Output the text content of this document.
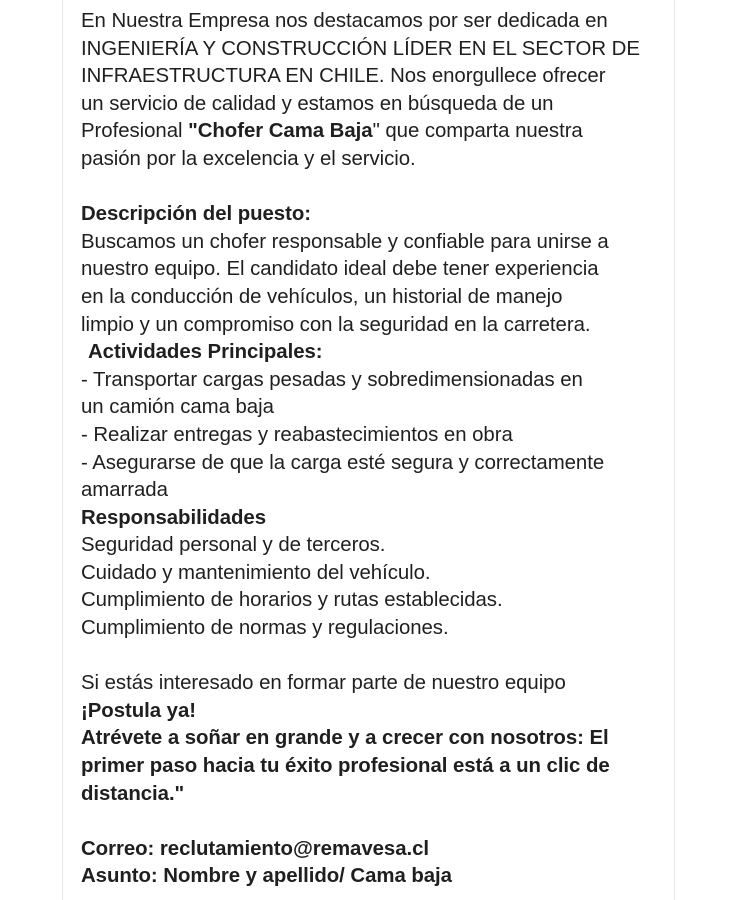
En Nuestra Empresa nos destacamos por ser dedicada en
INGENIERÍA Y CONSTRUCCIÓN LÍDER EN EL SECTOR DE
INFRAESTRUCTURA EN CHILE. Nos enorgullece ofrecer
un servicio de calidad y estamos en búsqueda de un
Profesional "Chofer Cama Baja" que comparta nuestra
pasión por la excelencia y el servicio.
Descripción del puesto:
Buscamos un chofer responsable y confiable para unirse a
nuestro equipo. El candidato ideal debe tener experiencia
en la conducción de vehículos, un historial de manejo
limpio y un compromiso con la seguridad en la carretera.
Actividades Principales:
- Transportar cargas pesadas y sobredimensionadas en
un camión cama baja
- Realizar entregas y reabastecimientos en obra
- Asegurarse de que la carga esté segura y correctamente
amarrada
Responsabilidades
Seguridad personal y de terceros.
Cuidado y mantenimiento del vehículo.
Cumplimiento de horarios y rutas establecidas.
Cumplimiento de normas y regulaciones.
Si estás interesado en formar parte de nuestro equipo
¡Postula ya!
Atrévete a soñar en grande y a crecer con nosotros: El
primer paso hacia tu éxito profesional está a un clic de
distancia."
Correo: reclutamiento@remavesa.cl
Asunto: Nombre y apellido/ Cama baja
